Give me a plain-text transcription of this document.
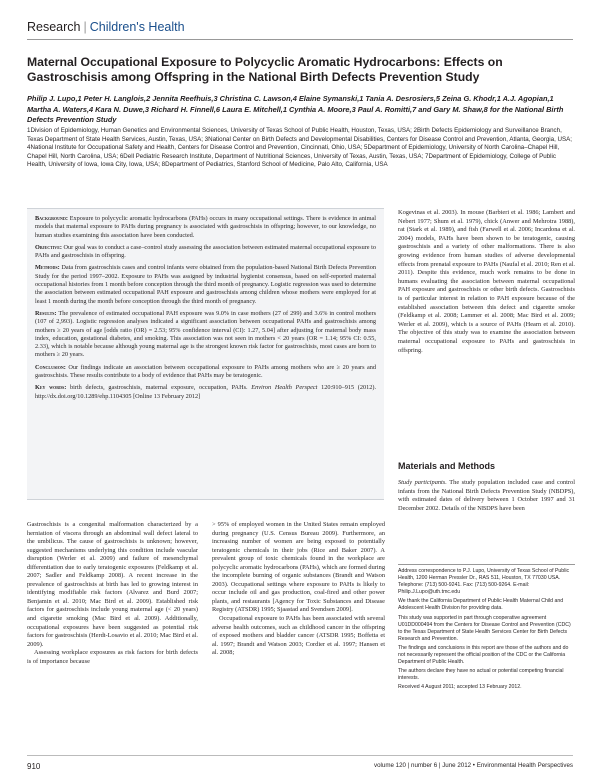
Research | Children's Health
Maternal Occupational Exposure to Polycyclic Aromatic Hydrocarbons: Effects on Gastroschisis among Offspring in the National Birth Defects Prevention Study
Philip J. Lupo,1 Peter H. Langlois,2 Jennita Reefhuis,3 Christina C. Lawson,4 Elaine Symanski,1 Tania A. Desrosiers,5 Zeina G. Khodr,1 A.J. Agopian,1 Martha A. Waters,4 Kara N. Duwe,3 Richard H. Finnell,6 Laura E. Mitchell,1 Cynthia A. Moore,3 Paul A. Romitti,7 and Gary M. Shaw,8 for the National Birth Defects Prevention Study
1Division of Epidemiology, Human Genetics and Environmental Sciences, University of Texas School of Public Health, Houston, Texas, USA; 2Birth Defects Epidemiology and Surveillance Branch, Texas Department of State Health Services, Austin, Texas, USA; 3National Center on Birth Defects and Developmental Disabilities, Centers for Disease Control and Prevention, Atlanta, Georgia, USA; 4National Institute for Occupational Safety and Health, Centers for Disease Control and Prevention, Cincinnati, Ohio, USA; 5Department of Epidemiology, University of North Carolina–Chapel Hill, Chapel Hill, North Carolina, USA; 6Dell Pediatric Research Institute, Department of Nutritional Sciences, University of Texas, Austin, Texas, USA; 7Department of Epidemiology, College of Public Health, University of Iowa, Iowa City, Iowa, USA; 8Department of Pediatrics, Stanford School of Medicine, Palo Alto, California, USA

Background: Exposure to polycyclic aromatic hydrocarbons (PAHs) occurs in many occupational settings. There is evidence in animal models that maternal exposure to PAHs during pregnancy is associated with gastroschisis in offspring; however, to our knowledge, no human studies examining this association have been conducted.

Objective: Our goal was to conduct a case–control study assessing the association between estimated maternal occupational exposure to PAHs and gastroschisis in offspring.

Methods: Data from gastroschisis cases and control infants were obtained from the population-based National Birth Defects Prevention Study for the period 1997–2002. Exposure to PAHs was assigned by industrial hygienist consensus, based on self-reported maternal occupational histories from 1 month before conception through the third month of pregnancy. Logistic regression was used to determine the association between estimated occupational PAH exposure and gastroschisis among children whose mothers were employed for at least 1 month during the month before conception through the third month of pregnancy.

Results: The prevalence of estimated occupational PAH exposure was 9.0% in case mothers (27 of 299) and 3.6% in control mothers (107 of 2,993). Logistic regression analyses indicated a significant association between occupational PAHs and gastroschisis among mothers ≥ 20 years of age [odds ratio (OR) = 2.53; 95% confidence interval (CI): 1.27, 5.04] after adjusting for maternal body mass index, education, gestational diabetes, and smoking. This association was not seen in mothers < 20 years (OR = 1.14; 95% CI: 0.55, 2.33), which is notable because although young maternal age is the strongest known risk factor for gastroschisis, most cases are born to mothers ≥ 20 years.

Conclusion: Our findings indicate an association between occupational exposure to PAHs among mothers who are ≥ 20 years and gastroschisis. These results contribute to a body of evidence that PAHs may be teratogenic.

Key words: birth defects, gastroschisis, maternal exposure, occupation, PAHs. Environ Health Perspect 120:910–915 (2012). http://dx.doi.org/10.1289/ehp.1104305 [Online 13 February 2012]

Kogevinas et al. 2003). In mouse (Barbieri et al. 1986; Lambert and Nebert 1977; Shum et al. 1979), chick (Anwer and Mehrotra 1988), rat (Stark et al. 1989), and fish (Farwell et al. 2006; Incardona et al. 2004) models, PAHs have been shown to be teratogenic, causing gastroschisis and a variety of other malformations. There is also growing evidence from human studies of adverse developmental effects from prenatal exposure to PAHs (Naufal et al. 2010; Ren et al. 2011). Despite this evidence, much work remains to be done in humans evaluating the association between maternal occupational PAH exposure and gastroschisis or other birth defects. Gastroschisis is of particular interest in relation to PAH exposure because of the established association between this defect and cigarette smoke (Feldkamp et al. 2008; Lammer et al. 2008; Mac Bird et al. 2009; Werler et al. 2009), which is a source of PAHs (Hearn et al. 2010). The objective of this study was to examine the association between maternal occupational exposure to PAHs and gastroschisis in offspring.

Materials and Methods

Study participants. The study population included case and control infants from the National Birth Defects Prevention Study (NBDPS), with estimated dates of delivery between 1 October 1997 and 31 December 2002. Details of the NBDPS have been

Address correspondence to P.J. Lupo, University of Texas School of Public Health, 1200 Herman Pressler Dr., RAS 511, Houston, TX 77030 USA. Telephone: (713) 500-9241. Fax: (713) 500-9264. E-mail: Philip.J.Lupo@uth.tmc.edu

We thank the California Department of Public Health Maternal Child and Adolescent Health Division for providing data.

This study was supported in part through cooperative agreement U01DD000494 from the Centers for Disease Control and Prevention (CDC) to the Texas Department of State Health Services Center for Birth Defects Research and Prevention.

The findings and conclusions in this report are those of the authors and do not necessarily represent the official position of the CDC or the California Department of Public Health.

The authors declare they have no actual or potential competing financial interests.

Received 4 August 2011; accepted 13 February 2012.

Gastroschisis is a congenital malformation characterized by a herniation of viscera through an abdominal wall defect lateral to the umbilicus. The cause of gastroschisis is unknown; however, suggested mechanisms underlying this condition include vascular disruption (Werler et al. 2009) and failure of mesenchymal differentiation due to early teratogenic exposures (Feldkamp et al. 2007; Sadler and Feldkamp 2008). A recent increase in the prevalence of gastroschisis at birth has led to growing interest in identifying modifiable risk factors (Alvarez and Burd 2007; Benjamin et al. 2010; Mac Bird et al. 2009). Established risk factors for gastroschisis include young maternal age (< 20 years) and cigarette smoking (Mac Bird et al. 2009). Additionally, occupational exposures have been suggested as potential risk factors for gastroschisis (Herdt-Losavio et al. 2010; Mac Bird et al. 2009).

Assessing workplace exposures as risk factors for birth defects is of importance because

> 95% of employed women in the United States remain employed during pregnancy (U.S. Census Bureau 2009). Furthermore, an increasing number of women are being exposed to potentially teratogenic chemicals in their jobs (Rice and Baker 2007). A prevalent group of toxic chemicals found in the workplace are polycyclic aromatic hydrocarbons (PAHs), which are formed during the incomplete burning of organic substances (Brandt and Watson 2003). Occupational settings where exposure to PAHs is likely to occur include oil and gas production, coal-fired and other power plants, and restaurants [Agency for Toxic Substances and Disease Registry (ATSDR) 1995; Sjaastad and Svendsen 2009].

Occupational exposure to PAHs has been associated with several adverse health outcomes, such as childhood cancer in the offspring of exposed mothers and bladder cancer (ATSDR 1995; Boffetta et al. 1997; Brandt and Watson 2003; Cordier et al. 1997; Hansen et al. 2008;

910	volume 120 | number 6 | June 2012 • Environmental Health Perspectives
